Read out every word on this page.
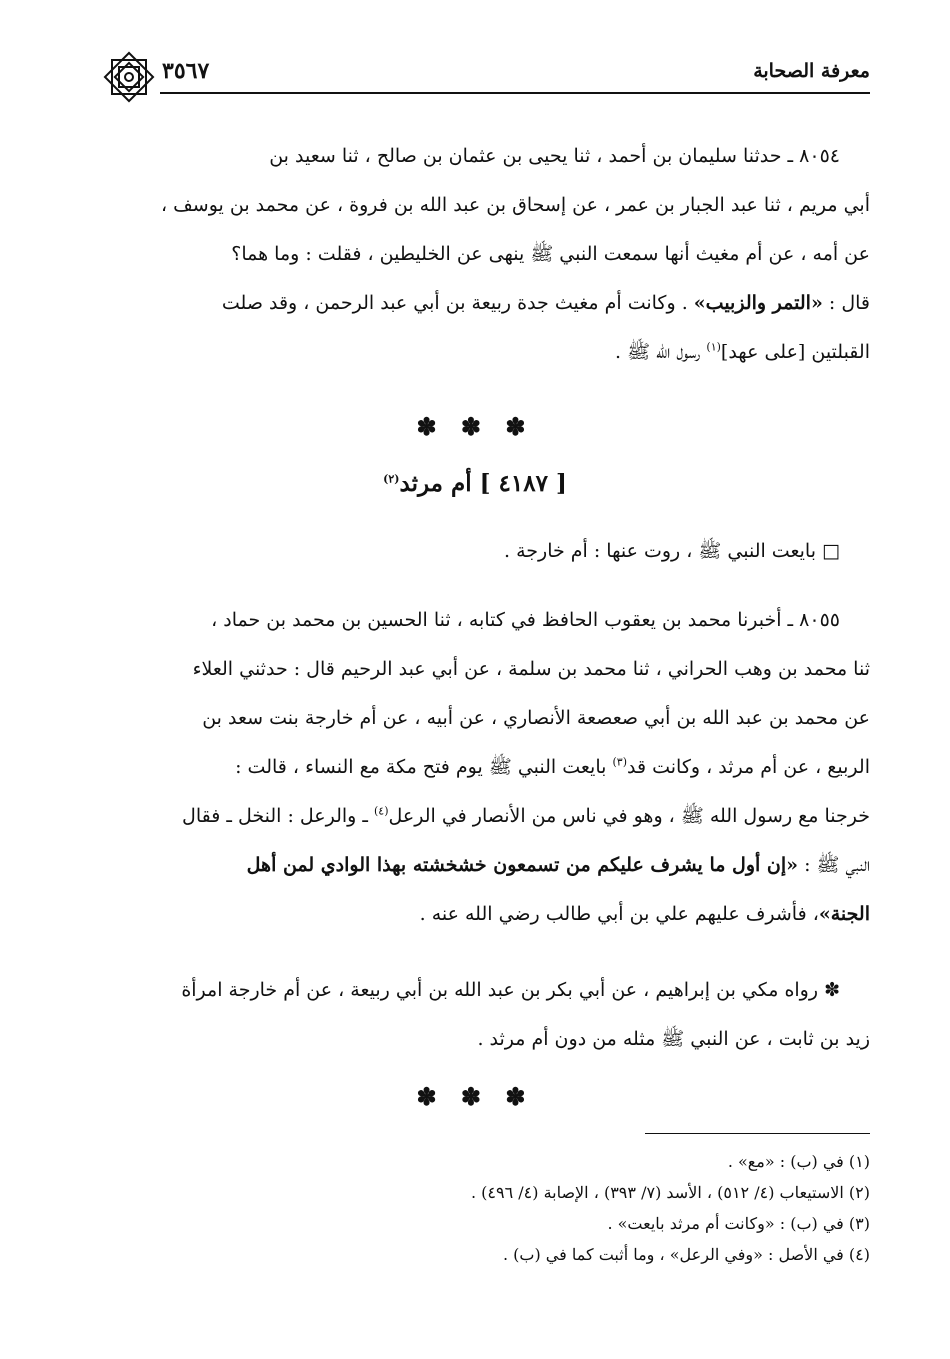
معرفة الصحابة
٣٥٦٧

٨٠٥٤ ـ حدثنا سليمان بن أحمد ، ثنا يحيى بن عثمان بن صالح ، ثنا سعيد بن

أبي مريم ، ثنا عبد الجبار بن عمر ، عن إسحاق بن عبد الله بن فروة ، عن محمد بن يوسف ،

عن أمه ، عن أم مغيث أنها سمعت النبي ﷺ ينهى عن الخليطين ، فقلت : وما هما؟

قال : «التمر والزبيب» . وكانت أم مغيث جدة ربيعة بن أبي عبد الرحمن ، وقد صلت

القبلتين [على عهد]$^{(١)}$ رسول الله ﷺ .

✽ ✽ ✽
[ ٤١٨٧ ] أم مرثد$^{(٢)}$

□ بايعت النبي ﷺ ، روت عنها : أم خارجة .

٨٠٥٥ ـ أخبرنا محمد بن يعقوب الحافظ في كتابه ، ثنا الحسين بن محمد بن حماد ،

ثنا محمد بن وهب الحراني ، ثنا محمد بن سلمة ، عن أبي عبد الرحيم قال : حدثني العلاء

عن محمد بن عبد الله بن أبي صعصعة الأنصاري ، عن أبيه ، عن أم خارجة بنت سعد بن

الربيع ، عن أم مرثد ، وكانت قد$^{(٣)}$ بايعت النبي ﷺ يوم فتح مكة مع النساء ، قالت :

خرجنا مع رسول الله ﷺ ، وهو في ناس من الأنصار في الرعل$^{(٤)}$ ـ والرعل : النخل ـ فقال

النبي ﷺ : «إن أول ما يشرف عليكم من تسمعون خشخشته بهذا الوادي لمن أهل

الجنة»، فأشرف عليهم علي بن أبي طالب رضي الله عنه .

✽ رواه مكي بن إبراهيم ، عن أبي بكر بن عبد الله بن أبي ربيعة ، عن أم خارجة امرأة

زيد بن ثابت ، عن النبي ﷺ مثله من دون أم مرثد .

✽ ✽ ✽

(١) في (ب) : «مع» .

(٢) الاستيعاب (٤/ ٥١٢) ، الأسد (٧/ ٣٩٣) ، الإصابة (٤/ ٤٩٦) .

(٣) في (ب) : «وكانت أم مرثد بايعت» .

(٤) في الأصل : «وفي الرعل» ، وما أثبت كما في (ب) .
